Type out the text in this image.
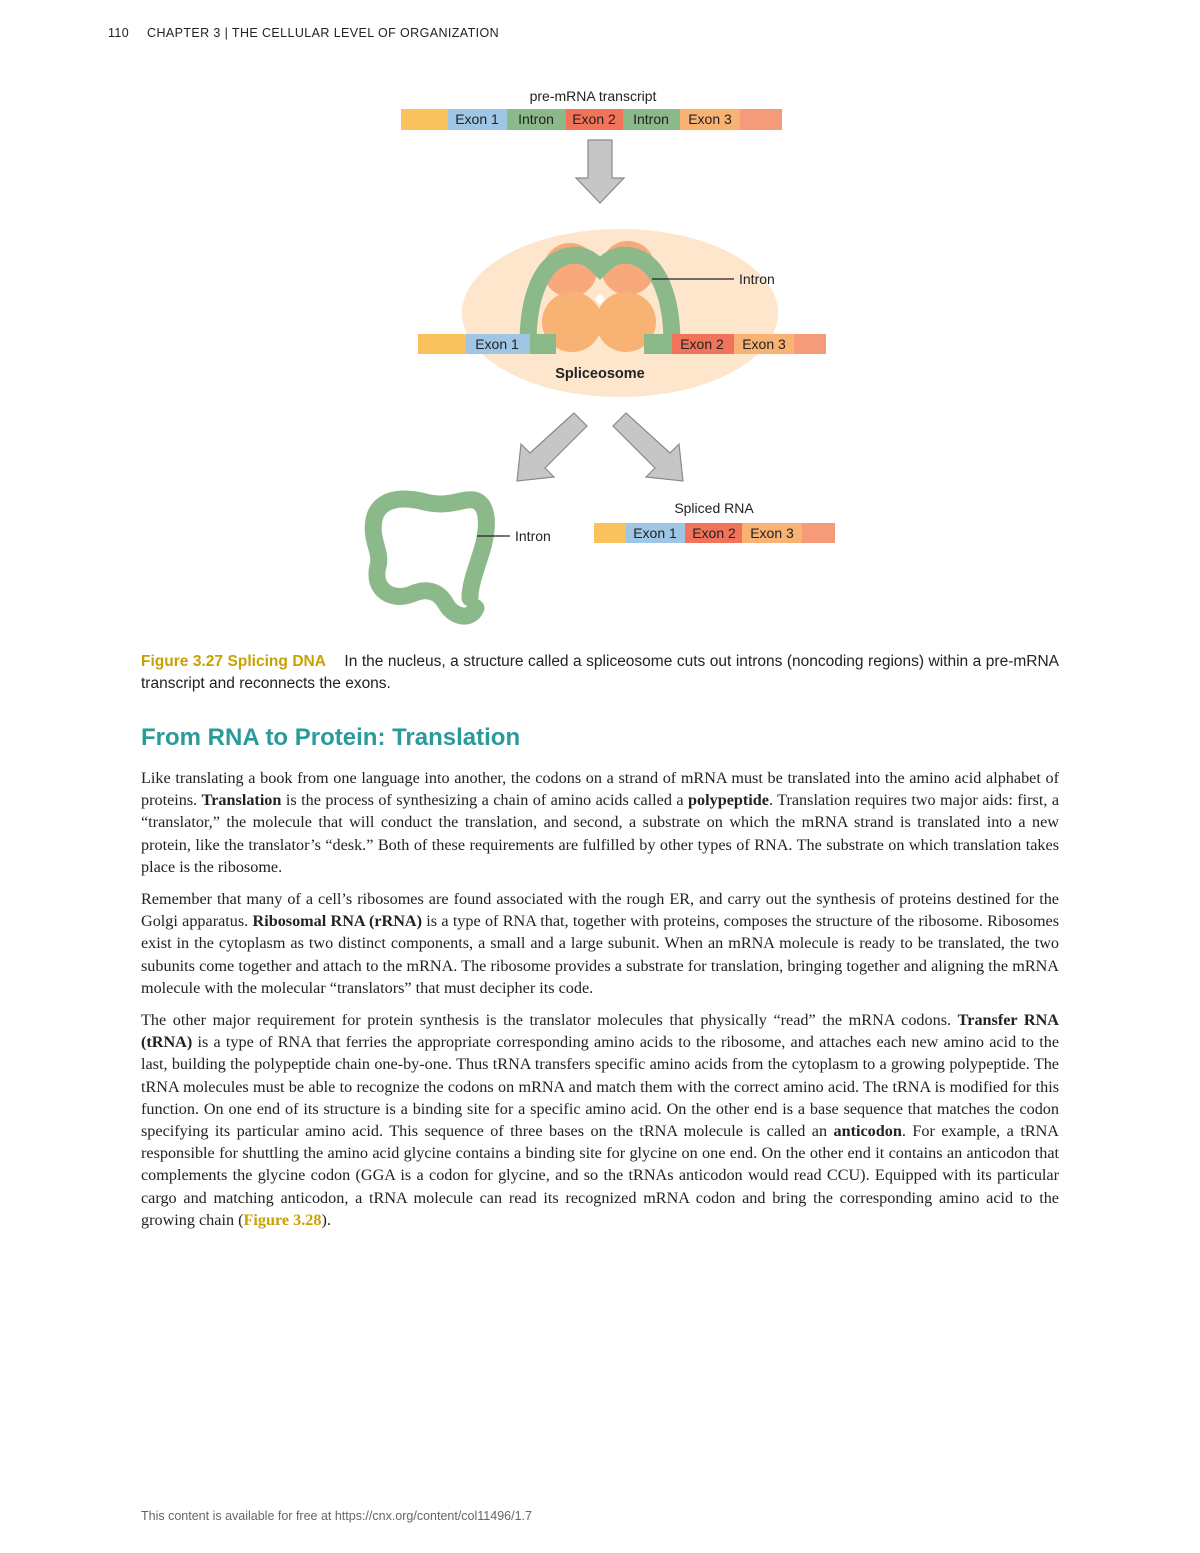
110 CHAPTER 3 | THE CELLULAR LEVEL OF ORGANIZATION
pre-mRNA transcript
Exon 1 Intron Exon 2 Intron Exon 3
Intron
Exon 1	Exon 2 Exon 3
Spliceosome
Intron
Spliced RNA
Exon 1 Exon 2 Exon 3
Figure 3.27 Splicing DNA In the nucleus, a structure called a spliceosome cuts out introns (noncoding regions) within a pre-mRNA transcript and reconnects the exons.
From RNA to Protein: Translation

Like translating a book from one language into another, the codons on a strand of mRNA must be translated into the amino acid alphabet of proteins. Translation is the process of synthesizing a chain of amino acids called a polypeptide. Translation requires two major aids: first, a “translator,” the molecule that will conduct the translation, and second, a substrate on which the mRNA strand is translated into a new protein, like the translator’s “desk.” Both of these requirements are fulfilled by other types of RNA. The substrate on which translation takes place is the ribosome.

Remember that many of a cell’s ribosomes are found associated with the rough ER, and carry out the synthesis of proteins destined for the Golgi apparatus. Ribosomal RNA (rRNA) is a type of RNA that, together with proteins, composes the structure of the ribosome. Ribosomes exist in the cytoplasm as two distinct components, a small and a large subunit. When an mRNA molecule is ready to be translated, the two subunits come together and attach to the mRNA. The ribosome provides a substrate for translation, bringing together and aligning the mRNA molecule with the molecular “translators” that must decipher its code.

The other major requirement for protein synthesis is the translator molecules that physically “read” the mRNA codons. Transfer RNA (tRNA) is a type of RNA that ferries the appropriate corresponding amino acids to the ribosome, and attaches each new amino acid to the last, building the polypeptide chain one-by-one. Thus tRNA transfers specific amino acids from the cytoplasm to a growing polypeptide. The tRNA molecules must be able to recognize the codons on mRNA and match them with the correct amino acid. The tRNA is modified for this function. On one end of its structure is a binding site for a specific amino acid. On the other end is a base sequence that matches the codon specifying its particular amino acid. This sequence of three bases on the tRNA molecule is called an anticodon. For example, a tRNA responsible for shuttling the amino acid glycine contains a binding site for glycine on one end. On the other end it contains an anticodon that complements the glycine codon (GGA is a codon for glycine, and so the tRNAs anticodon would read CCU). Equipped with its particular cargo and matching anticodon, a tRNA molecule can read its recognized mRNA codon and bring the corresponding amino acid to the growing chain (Figure 3.28).

This content is available for free at https://cnx.org/content/col11496/1.7
